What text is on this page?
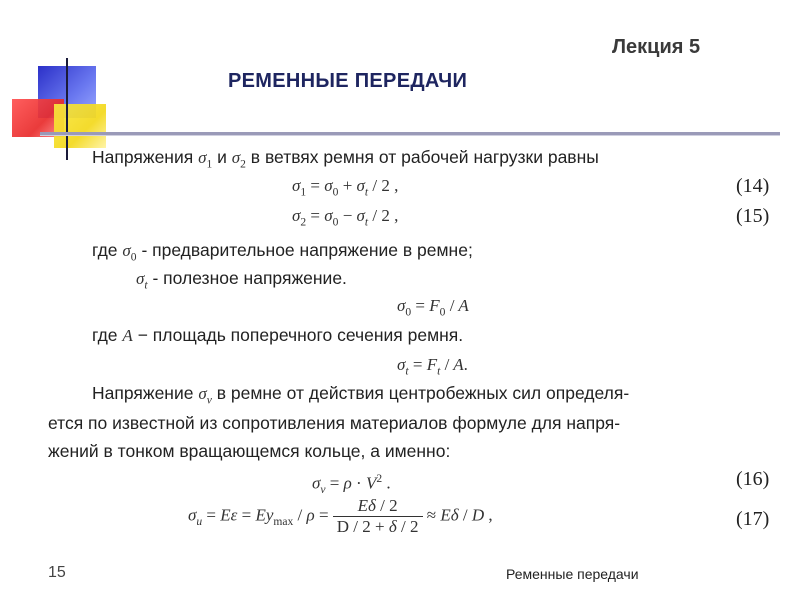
Лекция 5
РЕМЕННЫЕ ПЕРЕДАЧИ
Напряжения $\sigma_1$ и $\sigma_2$ в ветвях ремня от рабочей нагрузки равны
$\sigma_1 = \sigma_0 + \sigma_t / 2$ ,	(14)
$\sigma_2 = \sigma_0 - \sigma_t / 2$ ,	(15)
где $\sigma_0$ - предварительное напряжение в ремне;
$\sigma_t$ - полезное напряжение.
$\sigma_0 = F_0 / A$
где A − площадь поперечного сечения ремня.
$\sigma_t = F_t / A$.
Напряжение $\sigma_v$ в ремне от действия центробежных сил определя-
ется по известной из сопротивления материалов формуле для напря-
жений в тонком вращающемся кольце, а именно:
$\sigma_v = \rho \cdot V^2$ .	(16)
$\sigma_u = E\varepsilon = Ey_{max} / \rho = \frac{E\delta / 2}{D / 2 + \delta / 2} \approx E\delta / D$ ,	(17)
15	Ременные передачи
